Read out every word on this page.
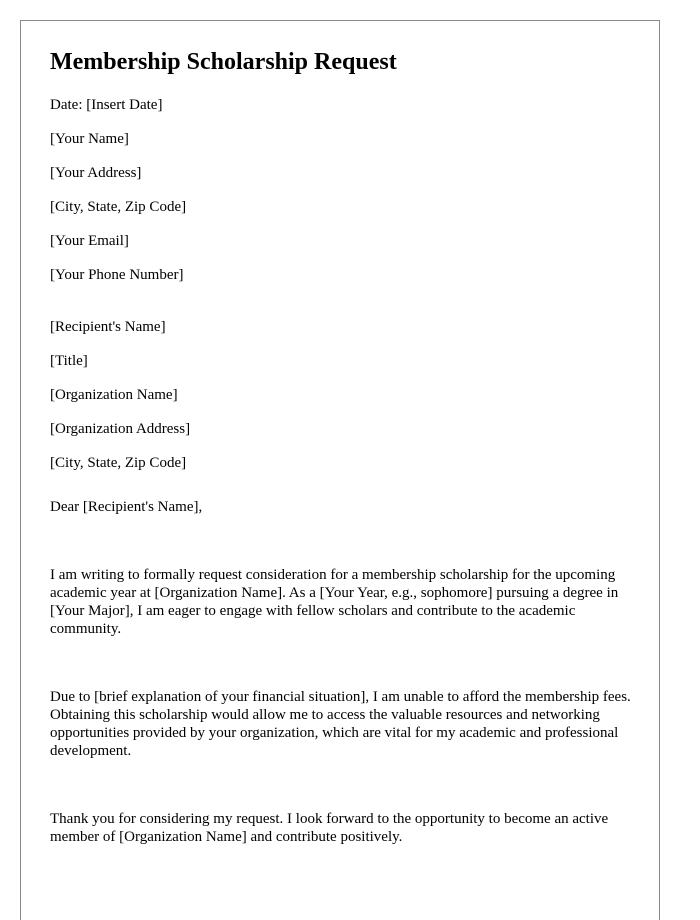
Membership Scholarship Request

Date: [Insert Date]

[Your Name]

[Your Address]

[City, State, Zip Code]

[Your Email]

[Your Phone Number]

[Recipient's Name]

[Title]

[Organization Name]

[Organization Address]

[City, State, Zip Code]

Dear [Recipient's Name],

I am writing to formally request consideration for a membership scholarship for the upcoming academic year at [Organization Name]. As a [Your Year, e.g., sophomore] pursuing a degree in [Your Major], I am eager to engage with fellow scholars and contribute to the academic community.

Due to [brief explanation of your financial situation], I am unable to afford the membership fees. Obtaining this scholarship would allow me to access the valuable resources and networking opportunities provided by your organization, which are vital for my academic and professional development.

Thank you for considering my request. I look forward to the opportunity to become an active member of [Organization Name] and contribute positively.
